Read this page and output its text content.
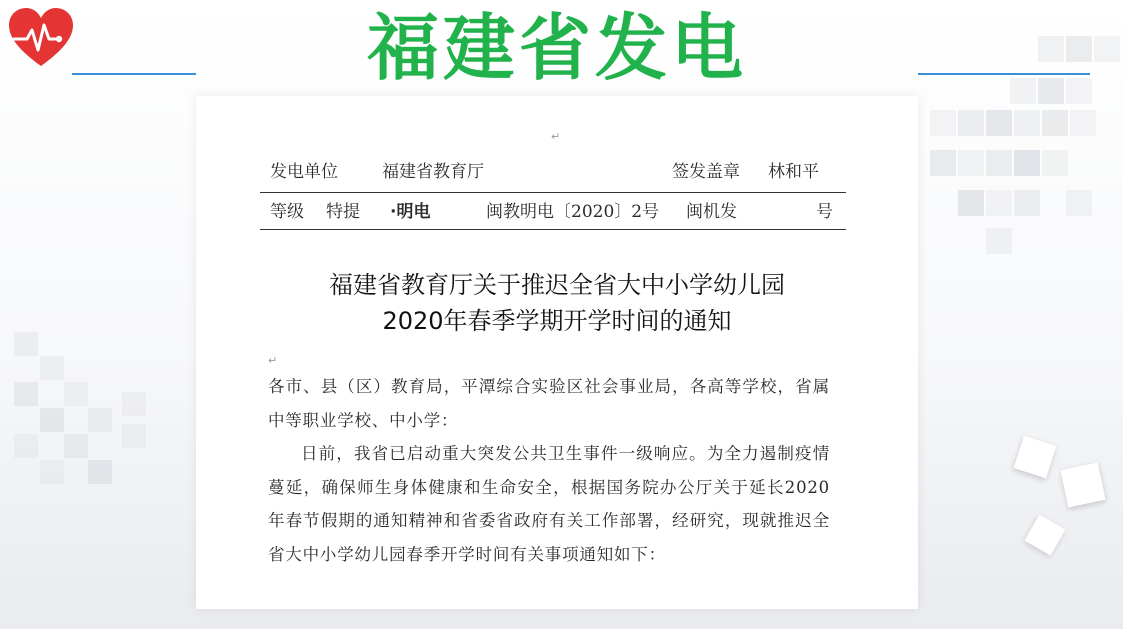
福建省发电
↵
发电单位	福建省教育厅	签发盖章 林和平
等级 特提 ·明电	闽教明电〔2020〕2号 闽机发	号
福建省教育厅关于推迟全省大中小学幼儿园
2020年春季学期开学时间的通知
↵

各市、县（区）教育局，平潭综合实验区社会事业局，各高等学校，省属中等职业学校、中小学：

日前，我省已启动重大突发公共卫生事件一级响应。为全力遏制疫情蔓延，确保师生身体健康和生命安全，根据国务院办公厅关于延长2020年春节假期的通知精神和省委省政府有关工作部署，经研究，现就推迟全省大中小学幼儿园春季开学时间有关事项通知如下：
